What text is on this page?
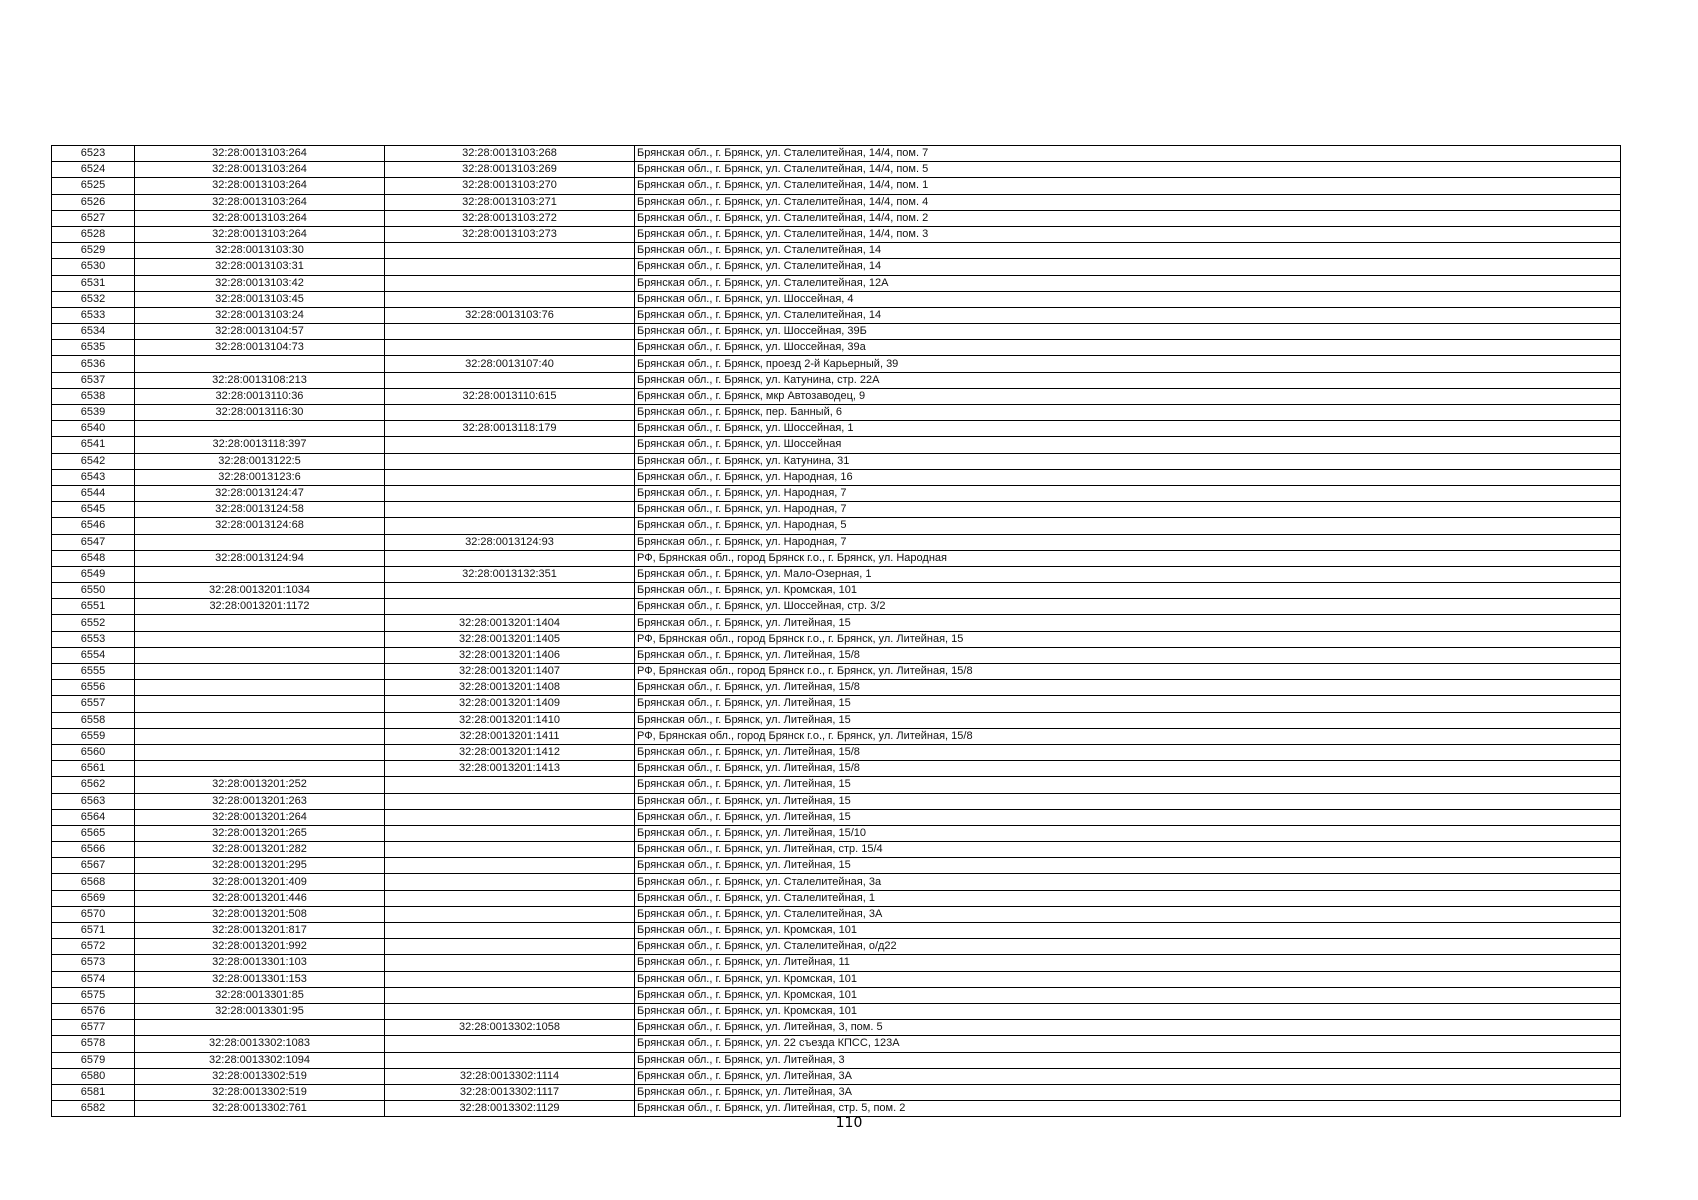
6523	32:28:0013103:264	32:28:0013103:268	Брянская обл., г. Брянск, ул. Сталелитейная, 14/4, пом. 7
6524	32:28:0013103:264	32:28:0013103:269	Брянская обл., г. Брянск, ул. Сталелитейная, 14/4, пом. 5
6525	32:28:0013103:264	32:28:0013103:270	Брянская обл., г. Брянск, ул. Сталелитейная, 14/4, пом. 1
6526	32:28:0013103:264	32:28:0013103:271	Брянская обл., г. Брянск, ул. Сталелитейная, 14/4, пом. 4
6527	32:28:0013103:264	32:28:0013103:272	Брянская обл., г. Брянск, ул. Сталелитейная, 14/4, пом. 2
6528	32:28:0013103:264	32:28:0013103:273	Брянская обл., г. Брянск, ул. Сталелитейная, 14/4, пом. 3
6529	32:28:0013103:30		Брянская обл., г. Брянск, ул. Сталелитейная, 14
6530	32:28:0013103:31		Брянская обл., г. Брянск, ул. Сталелитейная, 14
6531	32:28:0013103:42		Брянская обл., г. Брянск, ул. Сталелитейная, 12А
6532	32:28:0013103:45		Брянская обл., г. Брянск, ул. Шоссейная, 4
6533	32:28:0013103:24	32:28:0013103:76	Брянская обл., г. Брянск, ул. Сталелитейная, 14
6534	32:28:0013104:57		Брянская обл., г. Брянск, ул. Шоссейная, 39Б
6535	32:28:0013104:73		Брянская обл., г. Брянск, ул. Шоссейная, 39а
6536		32:28:0013107:40	Брянская обл., г. Брянск, проезд 2-й Карьерный, 39
6537	32:28:0013108:213		Брянская обл., г. Брянск, ул. Катунина, стр. 22А
6538	32:28:0013110:36	32:28:0013110:615	Брянская обл., г. Брянск, мкр Автозаводец, 9
6539	32:28:0013116:30		Брянская обл., г. Брянск, пер. Банный, 6
6540		32:28:0013118:179	Брянская обл., г. Брянск, ул. Шоссейная, 1
6541	32:28:0013118:397		Брянская обл., г. Брянск, ул. Шоссейная
6542	32:28:0013122:5		Брянская обл., г. Брянск, ул. Катунина, 31
6543	32:28:0013123:6		Брянская обл., г. Брянск, ул. Народная, 16
6544	32:28:0013124:47		Брянская обл., г. Брянск, ул. Народная, 7
6545	32:28:0013124:58		Брянская обл., г. Брянск, ул. Народная, 7
6546	32:28:0013124:68		Брянская обл., г. Брянск, ул. Народная, 5
6547		32:28:0013124:93	Брянская обл., г. Брянск, ул. Народная, 7
6548	32:28:0013124:94		РФ, Брянская обл., город Брянск г.о., г. Брянск, ул. Народная
6549		32:28:0013132:351	Брянская обл., г. Брянск, ул. Мало-Озерная, 1
6550	32:28:0013201:1034		Брянская обл., г. Брянск, ул. Кромская, 101
6551	32:28:0013201:1172		Брянская обл., г. Брянск, ул. Шоссейная, стр. 3/2
6552		32:28:0013201:1404	Брянская обл., г. Брянск, ул. Литейная, 15
6553		32:28:0013201:1405	РФ, Брянская обл., город Брянск г.о., г. Брянск, ул. Литейная, 15
6554		32:28:0013201:1406	Брянская обл., г. Брянск, ул. Литейная, 15/8
6555		32:28:0013201:1407	РФ, Брянская обл., город Брянск г.о., г. Брянск, ул. Литейная, 15/8
6556		32:28:0013201:1408	Брянская обл., г. Брянск, ул. Литейная, 15/8
6557		32:28:0013201:1409	Брянская обл., г. Брянск, ул. Литейная, 15
6558		32:28:0013201:1410	Брянская обл., г. Брянск, ул. Литейная, 15
6559		32:28:0013201:1411	РФ, Брянская обл., город Брянск г.о., г. Брянск, ул. Литейная, 15/8
6560		32:28:0013201:1412	Брянская обл., г. Брянск, ул. Литейная, 15/8
6561		32:28:0013201:1413	Брянская обл., г. Брянск, ул. Литейная, 15/8
6562	32:28:0013201:252		Брянская обл., г. Брянск, ул. Литейная, 15
6563	32:28:0013201:263		Брянская обл., г. Брянск, ул. Литейная, 15
6564	32:28:0013201:264		Брянская обл., г. Брянск, ул. Литейная, 15
6565	32:28:0013201:265		Брянская обл., г. Брянск, ул. Литейная, 15/10
6566	32:28:0013201:282		Брянская обл., г. Брянск, ул. Литейная, стр. 15/4
6567	32:28:0013201:295		Брянская обл., г. Брянск, ул. Литейная, 15
6568	32:28:0013201:409		Брянская обл., г. Брянск, ул. Сталелитейная, 3а
6569	32:28:0013201:446		Брянская обл., г. Брянск, ул. Сталелитейная, 1
6570	32:28:0013201:508		Брянская обл., г. Брянск, ул. Сталелитейная, 3А
6571	32:28:0013201:817		Брянская обл., г. Брянск, ул. Кромская, 101
6572	32:28:0013201:992		Брянская обл., г. Брянск, ул. Сталелитейная, о/д22
6573	32:28:0013301:103		Брянская обл., г. Брянск, ул. Литейная, 11
6574	32:28:0013301:153		Брянская обл., г. Брянск, ул. Кромская, 101
6575	32:28:0013301:85		Брянская обл., г. Брянск, ул. Кромская, 101
6576	32:28:0013301:95		Брянская обл., г. Брянск, ул. Кромская, 101
6577		32:28:0013302:1058	Брянская обл., г. Брянск, ул. Литейная, 3, пом. 5
6578	32:28:0013302:1083		Брянская обл., г. Брянск, ул. 22 съезда КПСС, 123А
6579	32:28:0013302:1094		Брянская обл., г. Брянск, ул. Литейная, 3
6580	32:28:0013302:519	32:28:0013302:1114	Брянская обл., г. Брянск, ул. Литейная, 3А
6581	32:28:0013302:519	32:28:0013302:1117	Брянская обл., г. Брянск, ул. Литейная, 3А
6582	32:28:0013302:761	32:28:0013302:1129	Брянская обл., г. Брянск, ул. Литейная, стр. 5, пом. 2
110
